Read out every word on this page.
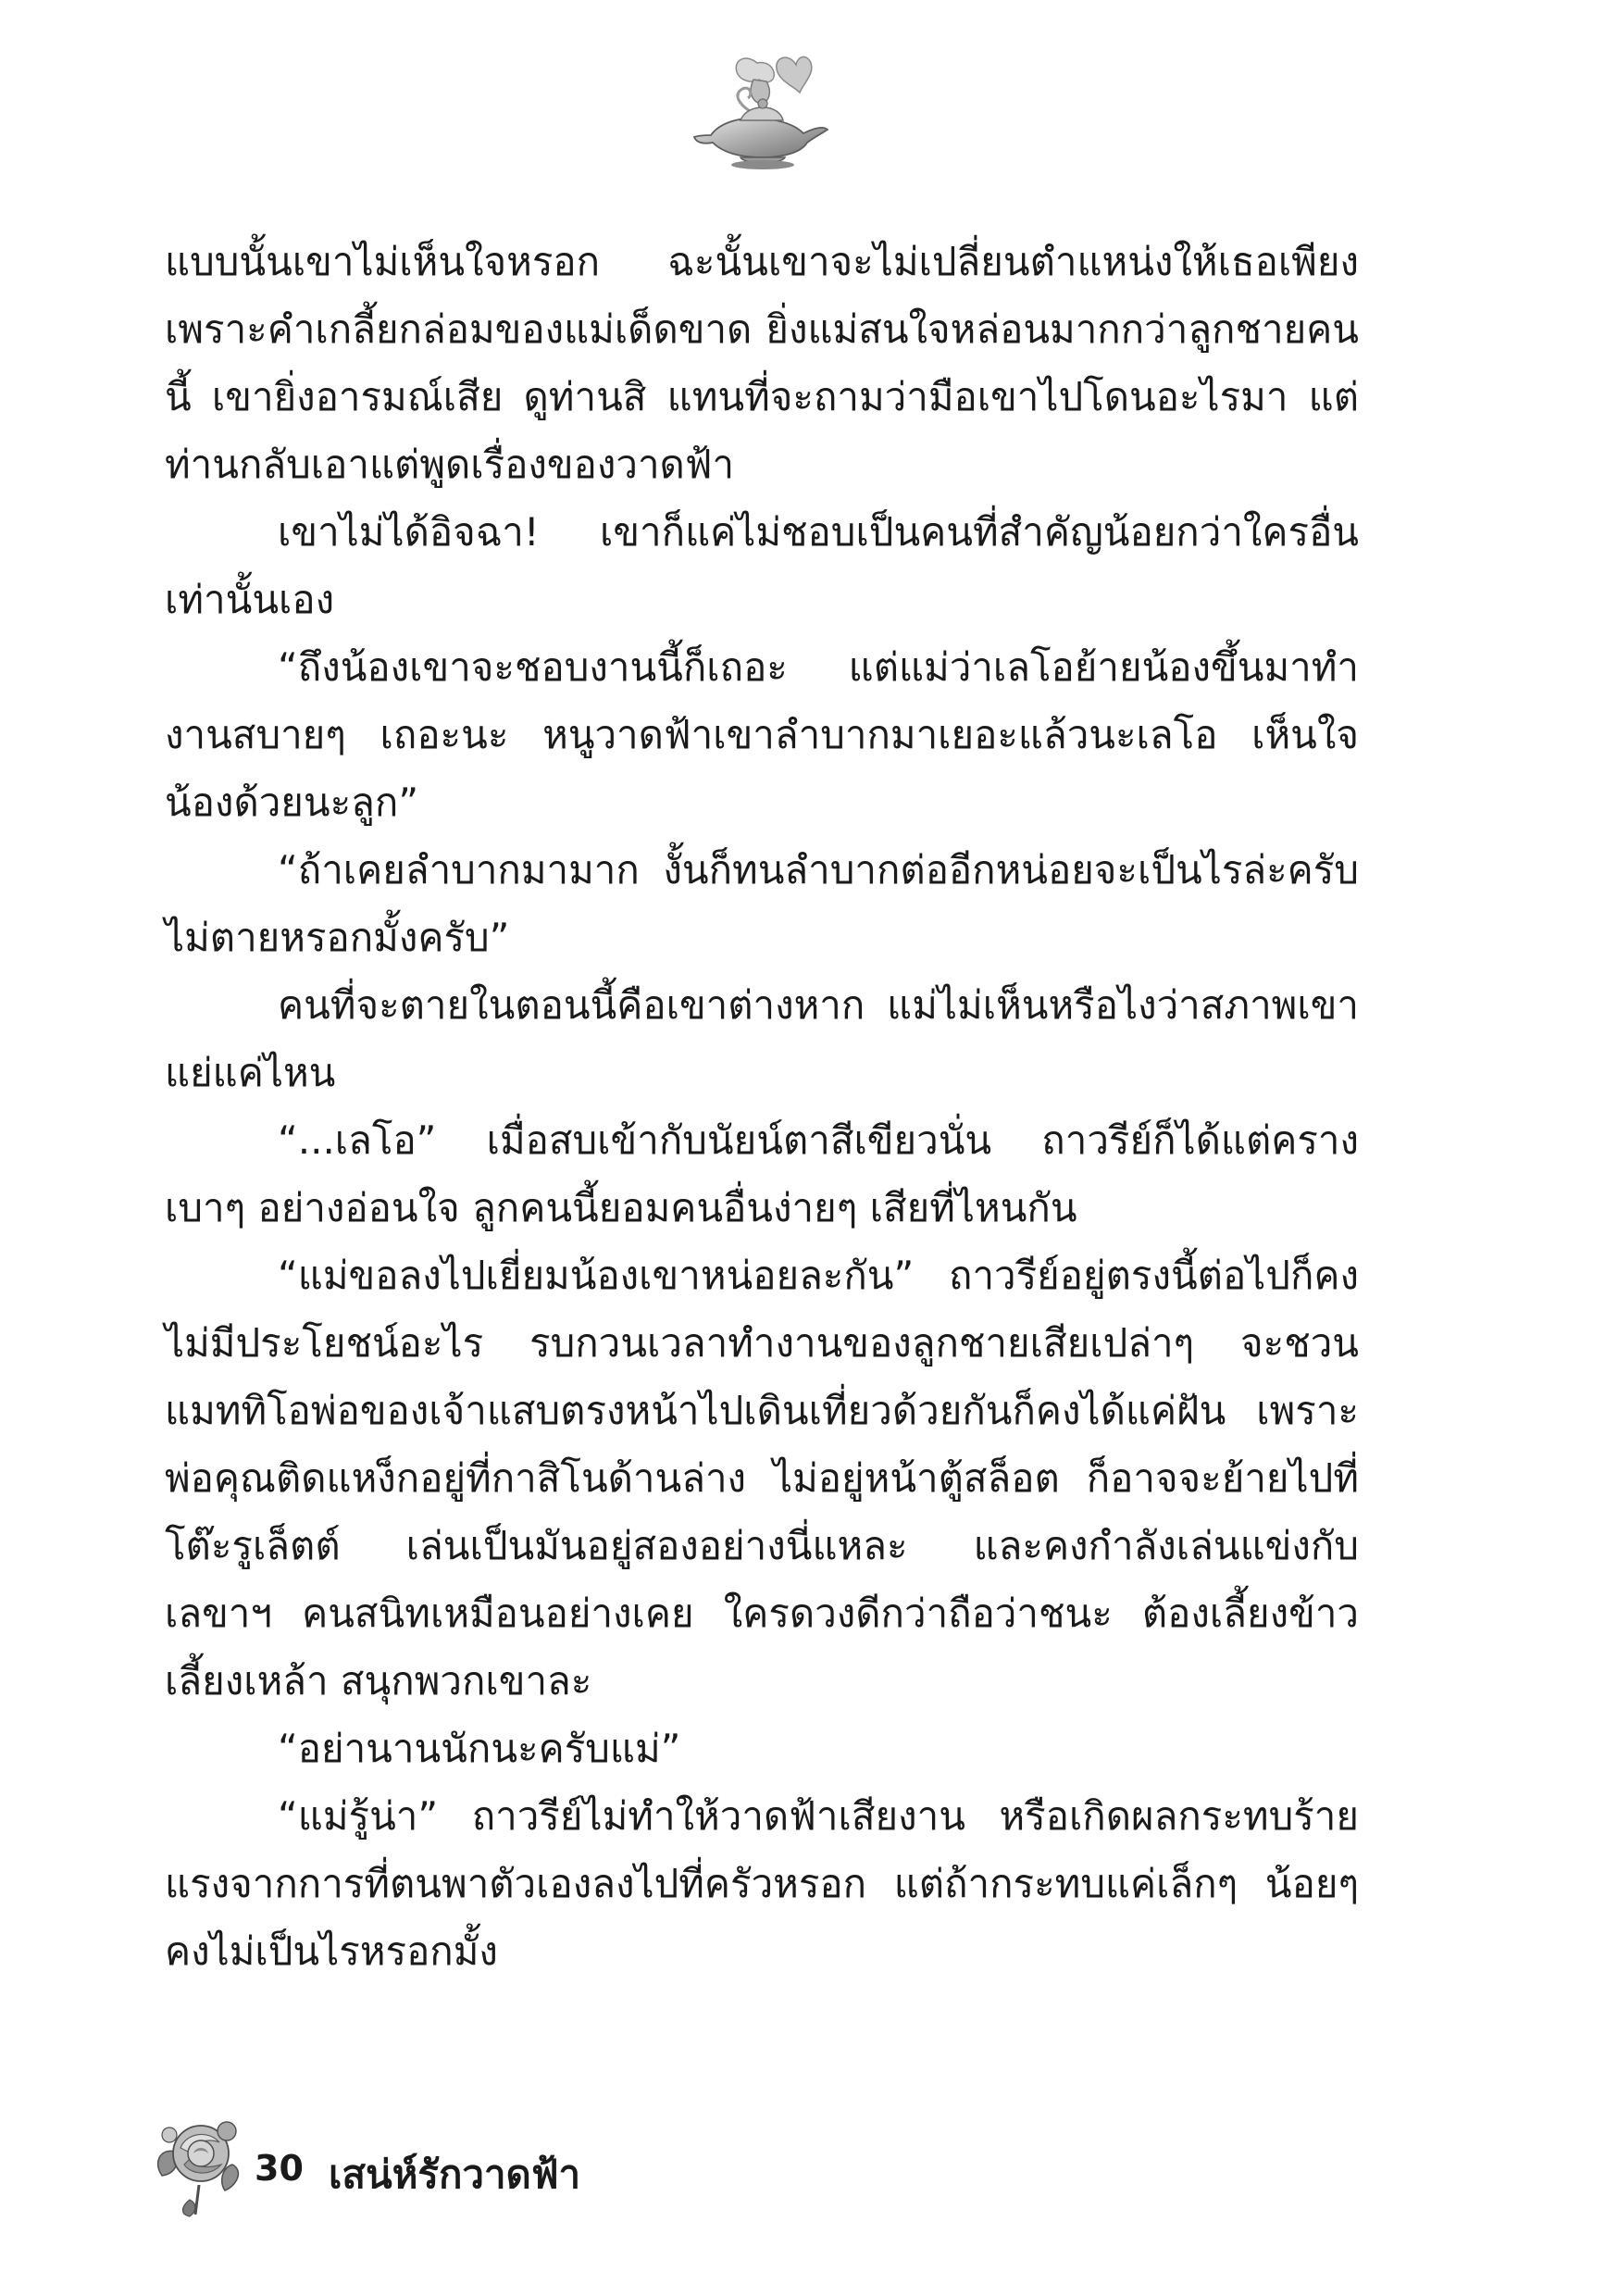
แบบนั้นเขาไม่เห็นใจหรอก ฉะนั้นเขาจะไม่เปลี่ยนตำแหน่งให้เธอเพียง เพราะคำเกลี้ยกล่อมของแม่เด็ดขาด ยิ่งแม่สนใจหล่อนมากกว่าลูกชายคนนี้ เขายิ่งอารมณ์เสีย ดูท่านสิ แทนที่จะถามว่ามือเขาไปโดนอะไรมา แต่ท่านกลับเอาแต่พูดเรื่องของวาดฟ้า

เขาไม่ได้อิจฉา! เขาก็แค่ไม่ชอบเป็นคนที่สำคัญน้อยกว่าใครอื่นเท่านั้นเอง

“ถึงน้องเขาจะชอบงานนี้ก็เถอะ แต่แม่ว่าเลโอย้ายน้องขึ้นมาทำงานสบายๆ เถอะนะ หนูวาดฟ้าเขาลำบากมาเยอะแล้วนะเลโอ เห็นใจน้องด้วยนะลูก”

“ถ้าเคยลำบากมามาก งั้นก็ทนลำบากต่ออีกหน่อยจะเป็นไรล่ะครับ ไม่ตายหรอกมั้งครับ”

คนที่จะตายในตอนนี้คือเขาต่างหาก แม่ไม่เห็นหรือไงว่าสภาพเขาแย่แค่ไหน

“...เลโอ” เมื่อสบเข้ากับนัยน์ตาสีเขียวนั่น ถาวรีย์ก็ได้แต่ครางเบาๆ อย่างอ่อนใจ ลูกคนนี้ยอมคนอื่นง่ายๆ เสียที่ไหนกัน

“แม่ขอลงไปเยี่ยมน้องเขาหน่อยละกัน” ถาวรีย์อยู่ตรงนี้ต่อไปก็คงไม่มีประโยชน์อะไร รบกวนเวลาทำงานของลูกชายเสียเปล่าๆ จะชวนแมททิโอพ่อของเจ้าแสบตรงหน้าไปเดินเที่ยวด้วยกันก็คงได้แค่ฝัน เพราะพ่อคุณติดแหง็กอยู่ที่กาสิโนด้านล่าง ไม่อยู่หน้าตู้สล็อต ก็อาจจะย้ายไปที่โต๊ะรูเล็ตต์ เล่นเป็นมันอยู่สองอย่างนี่แหละ และคงกำลังเล่นแข่งกับเลขาฯ คนสนิทเหมือนอย่างเคย ใครดวงดีกว่าถือว่าชนะ ต้องเลี้ยงข้าวเลี้ยงเหล้า สนุกพวกเขาละ

“อย่านานนักนะครับแม่”

“แม่รู้น่า” ถาวรีย์ไม่ทำให้วาดฟ้าเสียงาน หรือเกิดผลกระทบร้ายแรงจากการที่ตนพาตัวเองลงไปที่ครัวหรอก แต่ถ้ากระทบแค่เล็กๆ น้อยๆ คงไม่เป็นไรหรอกมั้ง

30 เสน่ห์รักวาดฟ้า
